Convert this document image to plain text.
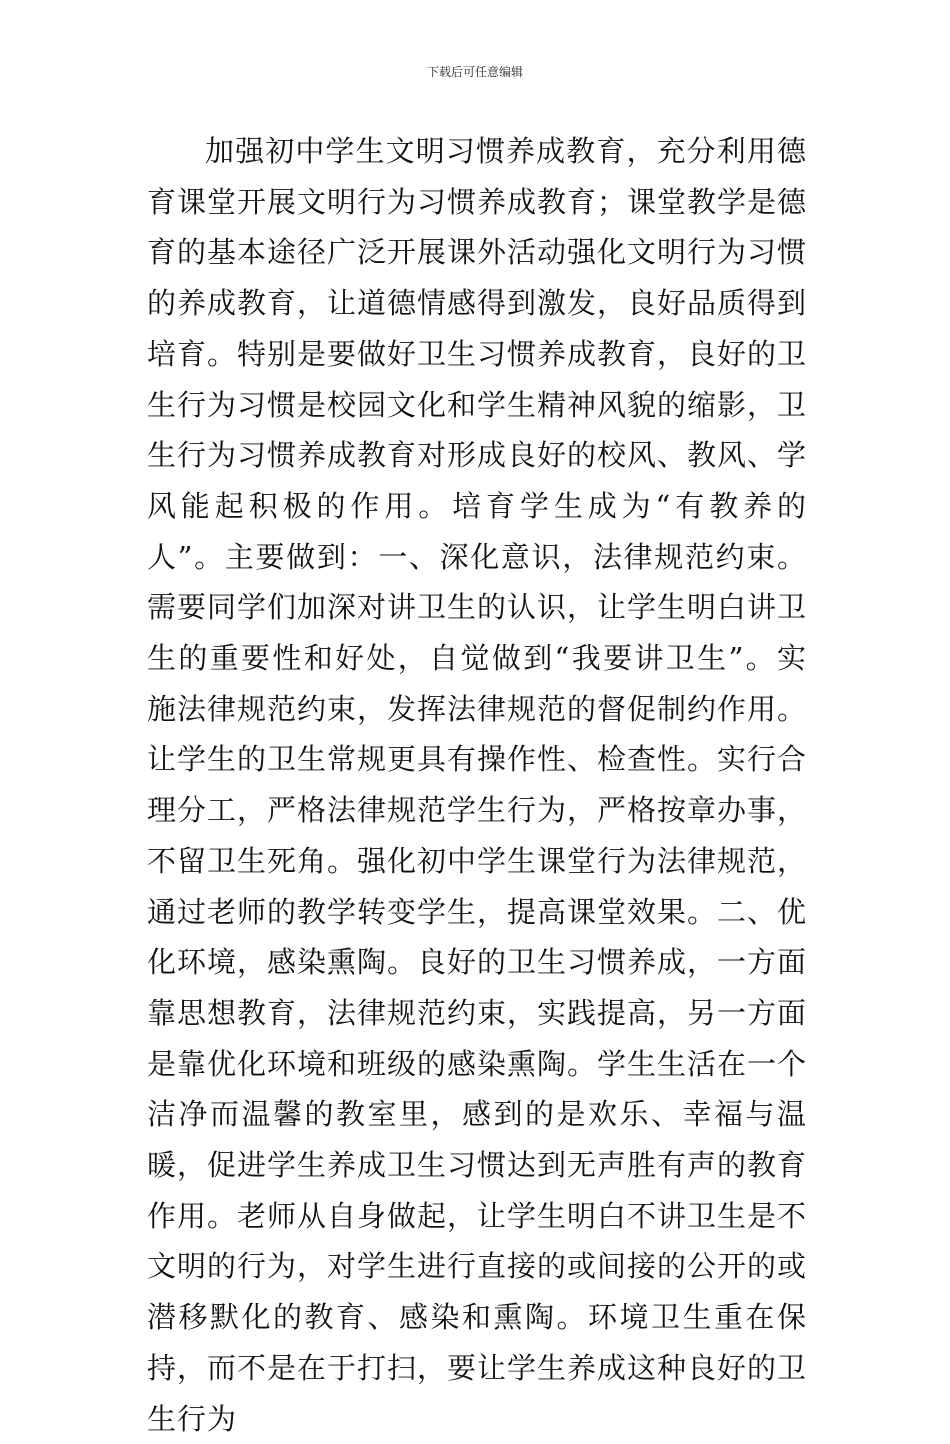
下载后可任意编辑

加强初中学生文明习惯养成教育，充分利用德育课堂开展文明行为习惯养成教育；课堂教学是德育的基本途径广泛开展课外活动强化文明行为习惯的养成教育，让道德情感得到激发，良好品质得到培育。特别是要做好卫生习惯养成教育，良好的卫生行为习惯是校园文化和学生精神风貌的缩影，卫生行为习惯养成教育对形成良好的校风、教风、学风能起积极的作用。培育学生成为“有教养的人”。主要做到：一、深化意识，法律规范约束。需要同学们加深对讲卫生的认识，让学生明白讲卫生的重要性和好处，自觉做到“我要讲卫生”。实施法律规范约束，发挥法律规范的督促制约作用。让学生的卫生常规更具有操作性、检查性。实行合理分工，严格法律规范学生行为，严格按章办事，不留卫生死角。强化初中学生课堂行为法律规范，通过老师的教学转变学生，提高课堂效果。二、优化环境，感染熏陶。良好的卫生习惯养成，一方面靠思想教育，法律规范约束，实践提高，另一方面是靠优化环境和班级的感染熏陶。学生生活在一个洁净而温馨的教室里，感到的是欢乐、幸福与温暖，促进学生养成卫生习惯达到无声胜有声的教育作用。老师从自身做起，让学生明白不讲卫生是不文明的行为，对学生进行直接的或间接的公开的或潜移默化的教育、感染和熏陶。环境卫生重在保持，而不是在于打扫，要让学生养成这种良好的卫生行为
